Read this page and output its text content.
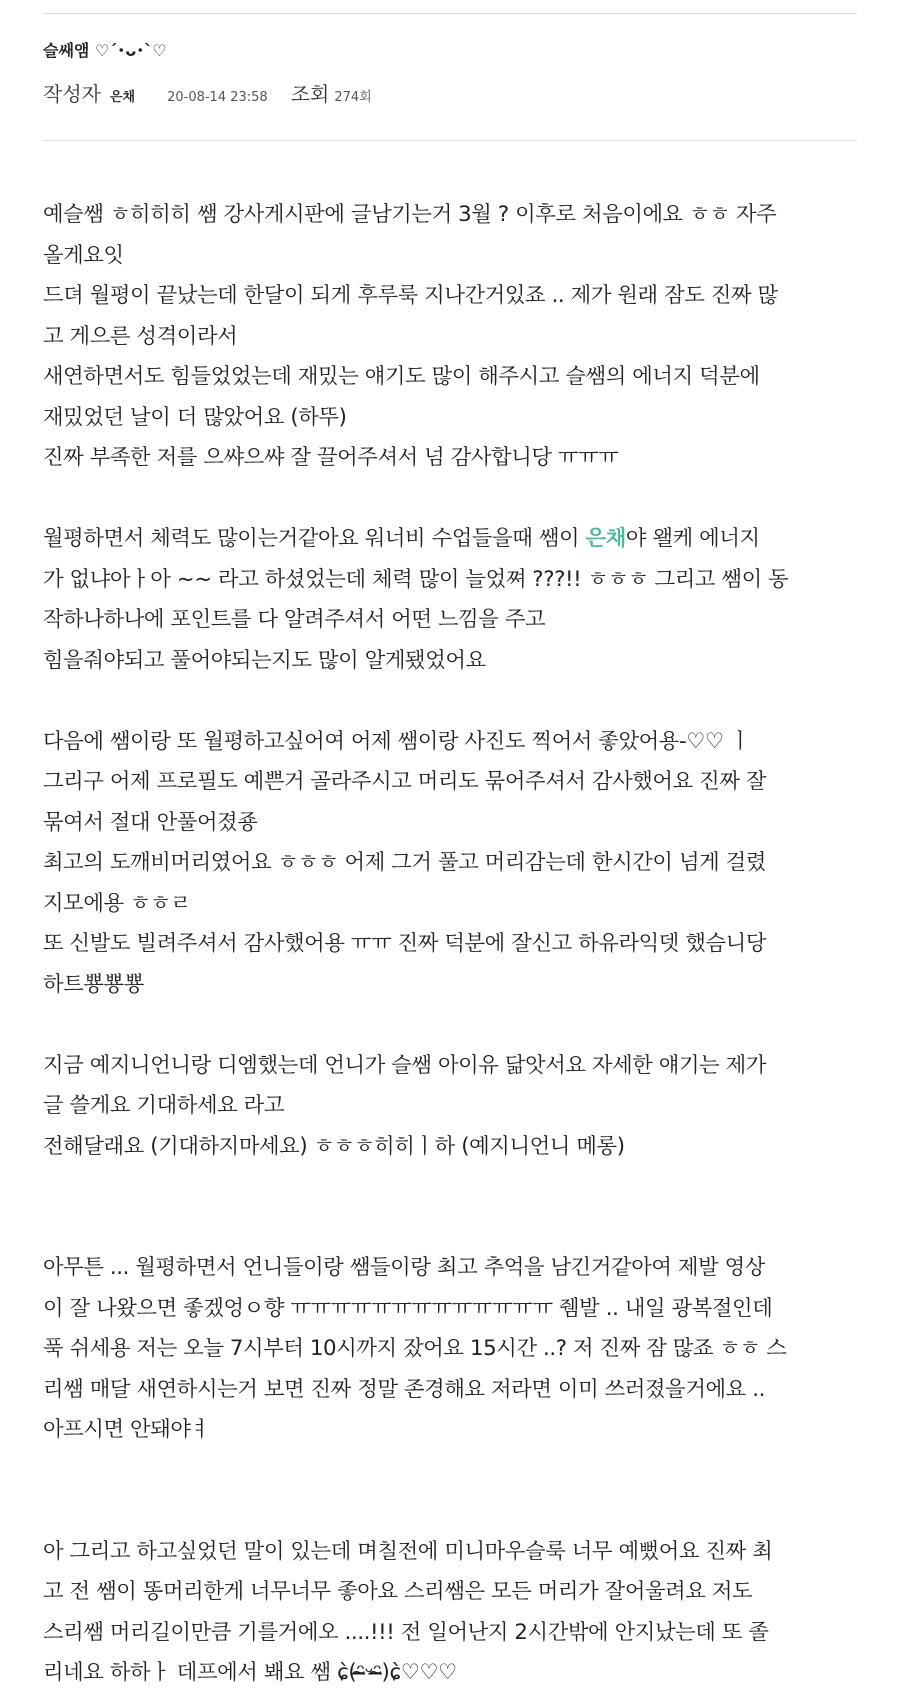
슬쌔앰 ♡´･ᴗ･`♡
작성자 은채 20-08-14 23:58 조회 274회
예슬쌤 ㅎ히히히 쌤 강사게시판에 글남기는거 3월 ? 이후로 처음이에요 ㅎㅎ 자주
올게요잇
드뎌 월평이 끝났는데 한달이 되게 후루룩 지나간거있죠 .. 제가 원래 잠도 진짜 많
고 게으른 성격이라서
새연하면서도 힘들었었는데 재밌는 얘기도 많이 해주시고 슬쌤의 에너지 덕분에
재밌었던 날이 더 많았어요 (하뚜)
진짜 부족한 저를 으쌰으쌰 잘 끌어주셔서 넘 감사합니당 ㅠㅠㅠ
월평하면서 체력도 많이는거같아요 워너비 수업들을때 쌤이 은채야 왤케 에너지
가 없냐아ㅏ아 ~~ 라고 하셨었는데 체력 많이 늘었쪄 ???!! ㅎㅎㅎ 그리고 쌤이 동
작하나하나에 포인트를 다 알려주셔서 어떤 느낌을 주고
힘을줘야되고 풀어야되는지도 많이 알게됐었어요
다음에 쌤이랑 또 월평하고싶어여 어제 쌤이랑 사진도 찍어서 좋았어용-♡♡ ㅣ
그리구 어제 프로필도 예쁜거 골라주시고 머리도 묶어주셔서 감사했어요 진짜 잘
묶여서 절대 안풀어졌죵
최고의 도깨비머리였어요 ㅎㅎㅎ 어제 그거 풀고 머리감는데 한시간이 넘게 걸렸
지모에용 ㅎㅎㄹ
또 신발도 빌려주셔서 감사했어용 ㅠㅠ 진짜 덕분에 잘신고 하유라익뎃 했슴니당
하트뿅뿅뿅
지금 예지니언니랑 디엠했는데 언니가 슬쌤 아이유 닮앗서요 자세한 얘기는 제가
글 쓸게요 기대하세요 라고
전해달래요 (기대하지마세요) ㅎㅎㅎ히히ㅣ하 (예지니언니 메롱)
아무튼 ... 월평하면서 언니들이랑 쌤들이랑 최고 추억을 남긴거같아여 제발 영상
이 잘 나왔으면 좋겠엉ㅇ향 ㅠㅠㅠㅠㅠㅠㅠㅠㅠㅠㅠㅠㅠ 쥄발 .. 내일 광복절인데
푹 쉬세용 저는 오늘 7시부터 10시까지 잤어요 15시간 ..? 저 진짜 잠 많죠 ㅎㅎ 스
리쌤 매달 새연하시는거 보면 진짜 정말 존경해요 저라면 이미 쓰러졌을거에요 ..
아프시면 안돼야ㅕ
아 그리고 하고싶었던 말이 있는데 며칠전에 미니마우슬룩 너무 예뻤어요 진짜 최
고 전 쌤이 똥머리한게 너무너무 좋아요 스리쌤은 모든 머리가 잘어울려요 저도
스리쌤 머리길이만큼 기를거에오 ....!!! 전 일어난지 2시간밖에 안지났는데 또 졸
리네요 하하ㅏ 데프에서 봬요 쌤 ɕ̀(ᵔ̴̶ᵕᵔ̴̶)ɕ̀♡♡♡
